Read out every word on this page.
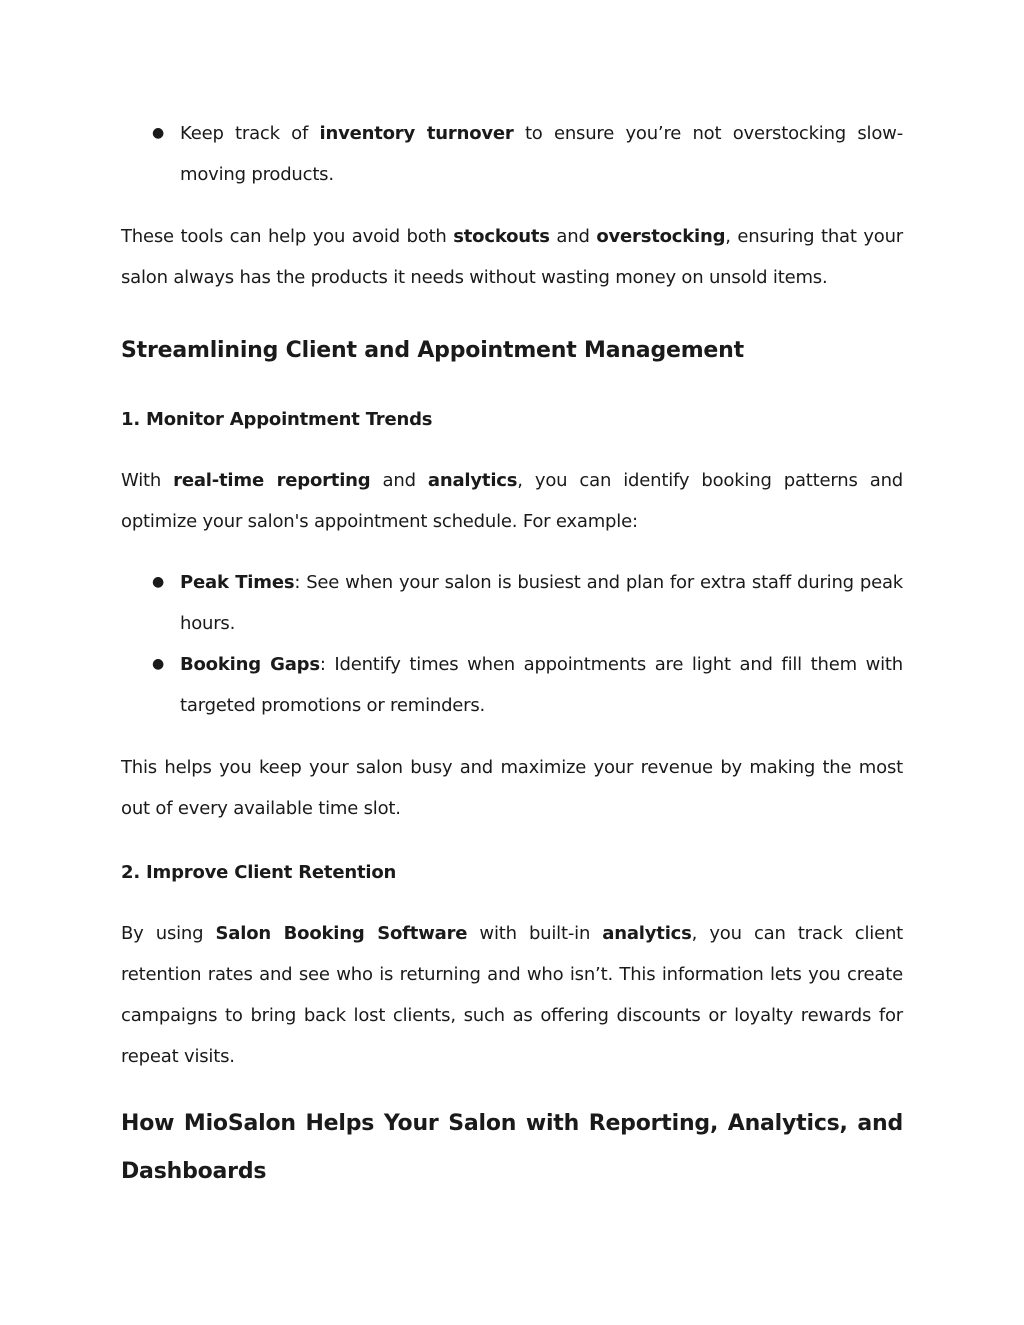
● Keep track of inventory turnover to ensure you’re not overstocking slow-moving products.

These tools can help you avoid both stockouts and overstocking, ensuring that your salon always has the products it needs without wasting money on unsold items.

Streamlining Client and Appointment Management
1. Monitor Appointment Trends

With real-time reporting and analytics, you can identify booking patterns and optimize your salon's appointment schedule. For example:

● Peak Times: See when your salon is busiest and plan for extra staff during peak hours.
● Booking Gaps: Identify times when appointments are light and fill them with targeted promotions or reminders.

This helps you keep your salon busy and maximize your revenue by making the most out of every available time slot.

2. Improve Client Retention

By using Salon Booking Software with built-in analytics, you can track client retention rates and see who is returning and who isn’t. This information lets you create campaigns to bring back lost clients, such as offering discounts or loyalty rewards for repeat visits.

How MioSalon Helps Your Salon with Reporting, Analytics, and Dashboards
